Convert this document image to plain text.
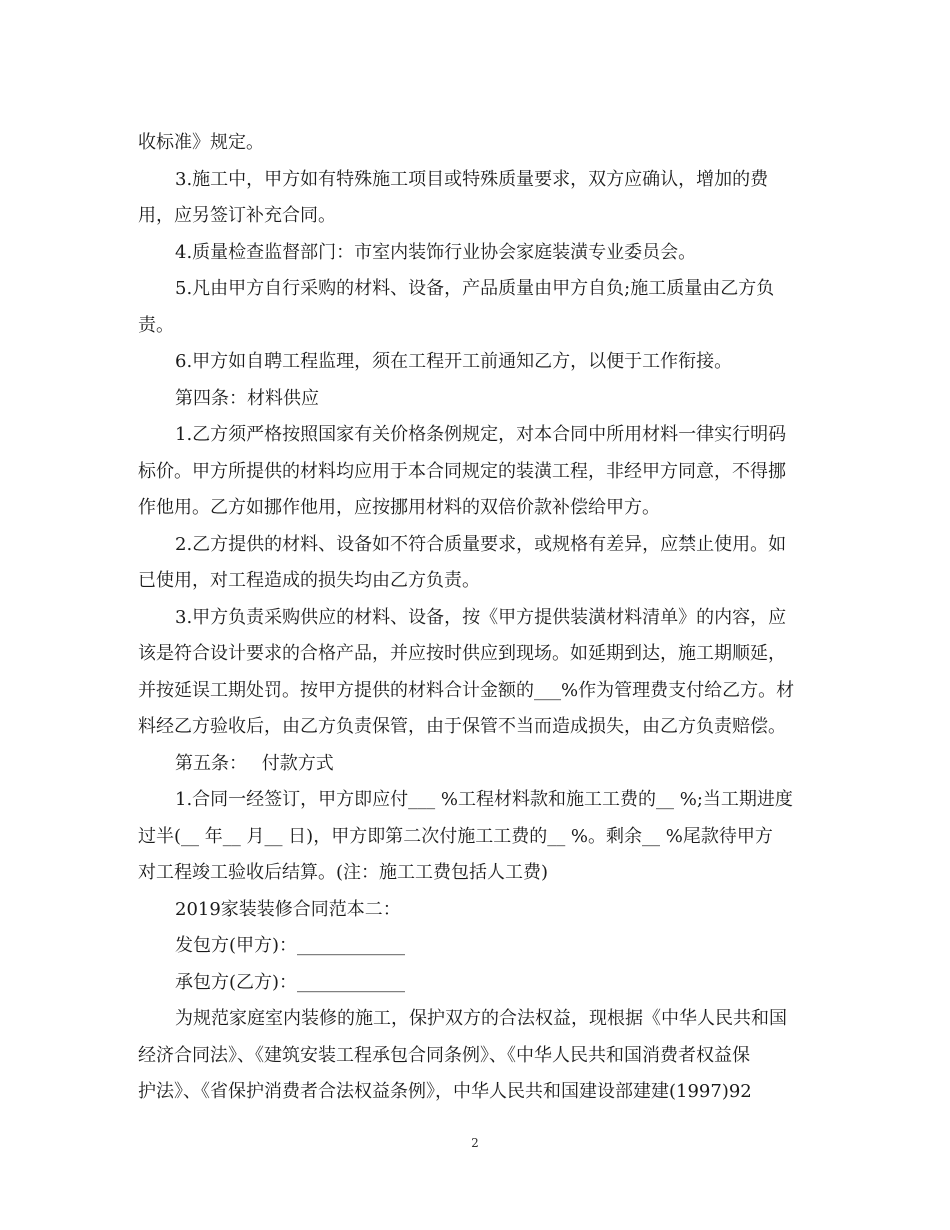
收标准》规定。
3.施工中，甲方如有特殊施工项目或特殊质量要求，双方应确认，增加的费
用，应另签订补充合同。
4.质量检查监督部门：市室内装饰行业协会家庭装潢专业委员会。
5.凡由甲方自行采购的材料、设备，产品质量由甲方自负;施工质量由乙方负
责。
6.甲方如自聘工程监理，须在工程开工前通知乙方，以便于工作衔接。
第四条：材料供应
1.乙方须严格按照国家有关价格条例规定，对本合同中所用材料一律实行明码
标价。甲方所提供的材料均应用于本合同规定的装潢工程，非经甲方同意，不得挪
作他用。乙方如挪作他用，应按挪用材料的双倍价款补偿给甲方。
2.乙方提供的材料、设备如不符合质量要求，或规格有差异，应禁止使用。如
已使用，对工程造成的损失均由乙方负责。
3.甲方负责采购供应的材料、设备，按《甲方提供装潢材料清单》的内容，应
该是符合设计要求的合格产品，并应按时供应到现场。如延期到达，施工期顺延，
并按延误工期处罚。按甲方提供的材料合计金额的___%作为管理费支付给乙方。材
料经乙方验收后，由乙方负责保管，由于保管不当而造成损失，由乙方负责赔偿。
第五条：　 付款方式
1.合同一经签订，甲方即应付___ %工程材料款和施工工费的__ %;当工期进度
过半(__ 年__ 月__ 日)，甲方即第二次付施工工费的__ %。剩余__ %尾款待甲方
对工程竣工验收后结算。(注：施工工费包括人工费)
2019家装装修合同范本二：
发包方(甲方)：____________
承包方(乙方)：____________
为规范家庭室内装修的施工，保护双方的合法权益，现根据《中华人民共和国
经济合同法》、《建筑安装工程承包合同条例》、《中华人民共和国消费者权益保
护法》、《省保护消费者合法权益条例》，中华人民共和国建设部建建(1997)92
2
